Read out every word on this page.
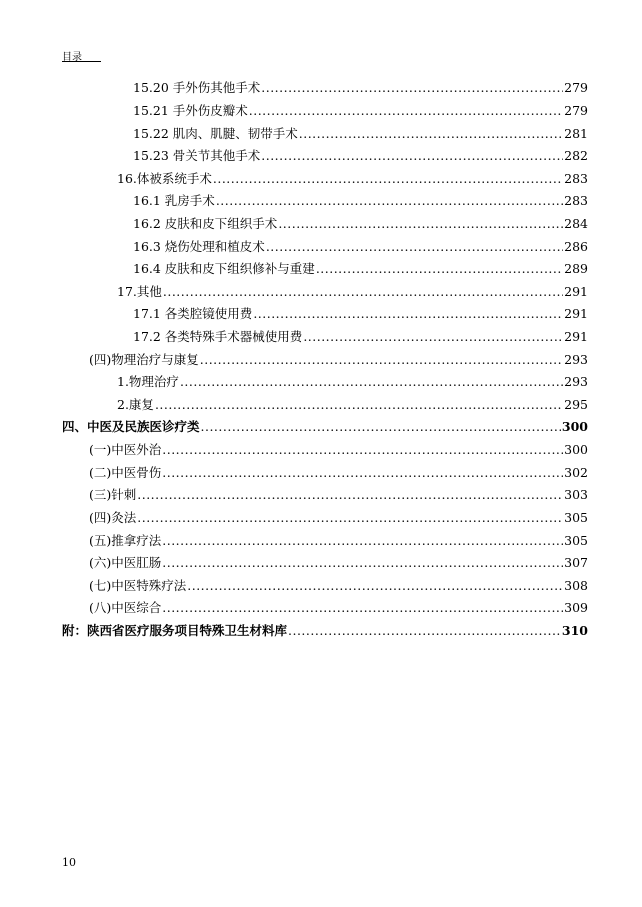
目录
15.20 手外伤其他手术 .....	279
15.21 手外伤皮瓣术 .....	279
15.22 肌肉、肌腱、韧带手术 .....	281
15.23 骨关节其他手术 .....	282
16.体被系统手术 .....	283
16.1 乳房手术 .....	283
16.2 皮肤和皮下组织手术 .....	284
16.3 烧伤处理和植皮术 .....	286
16.4 皮肤和皮下组织修补与重建 .....	289
17.其他 .....	291
17.1 各类腔镜使用费 .....	291
17.2 各类特殊手术器械使用费 .....	291
(四)物理治疗与康复 .....	293
1.物理治疗 .....	293
2.康复 .....	295
四、中医及民族医诊疗类 .....	300
(一)中医外治 .....	300
(二)中医骨伤 .....	302
(三)针刺 .....	303
(四)灸法 .....	305
(五)推拿疗法 .....	305
(六)中医肛肠 .....	307
(七)中医特殊疗法 .....	308
(八)中医综合 .....	309
附：陕西省医疗服务项目特殊卫生材料库 .....	310
10
